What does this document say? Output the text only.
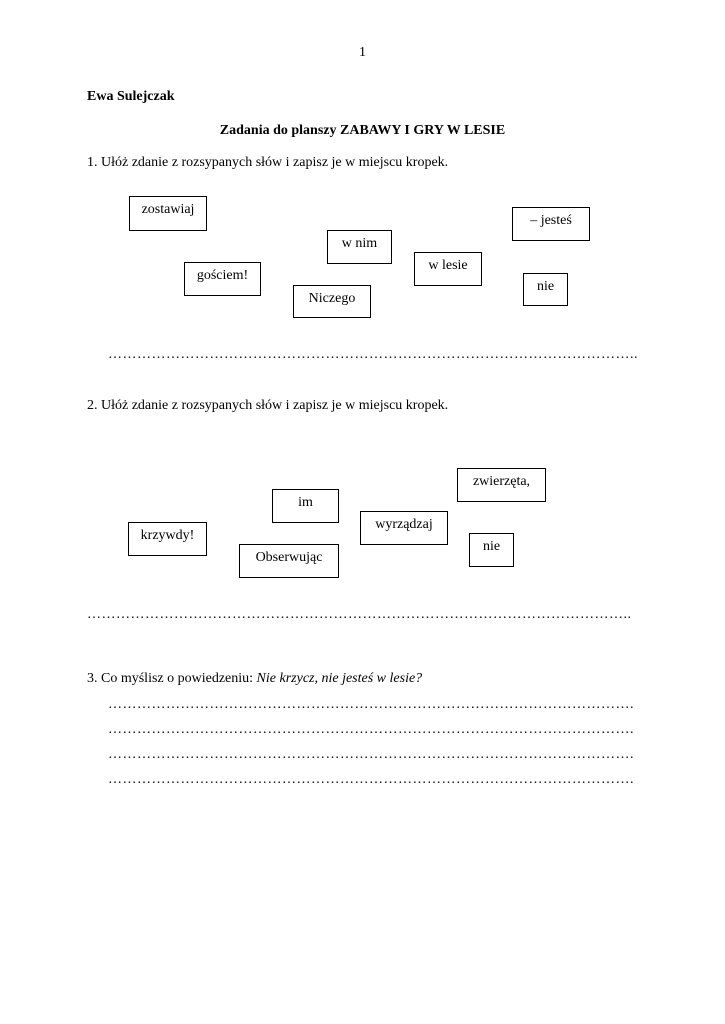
1
Ewa Sulejczak
Zadania do planszy ZABAWY I GRY W LESIE
1. Ułóż zdanie z rozsypanych słów i zapisz je w miejscu kropek.
zostawiaj
– jesteś
w nim
w lesie
gościem!
nie
Niczego
………………………………………………………………………………………………..
2. Ułóż zdanie z rozsypanych słów i zapisz je w miejscu kropek.
zwierzęta,
im
wyrządzaj
krzywdy!
nie
Obserwując
…………………………………………………………………………………………………..
3. Co myślisz o powiedzeniu: Nie krzycz, nie jesteś w lesie?
……………………………………………………………………………………………….
……………………………………………………………………………………………….
……………………………………………………………………………………………….
……………………………………………………………………………………………….
